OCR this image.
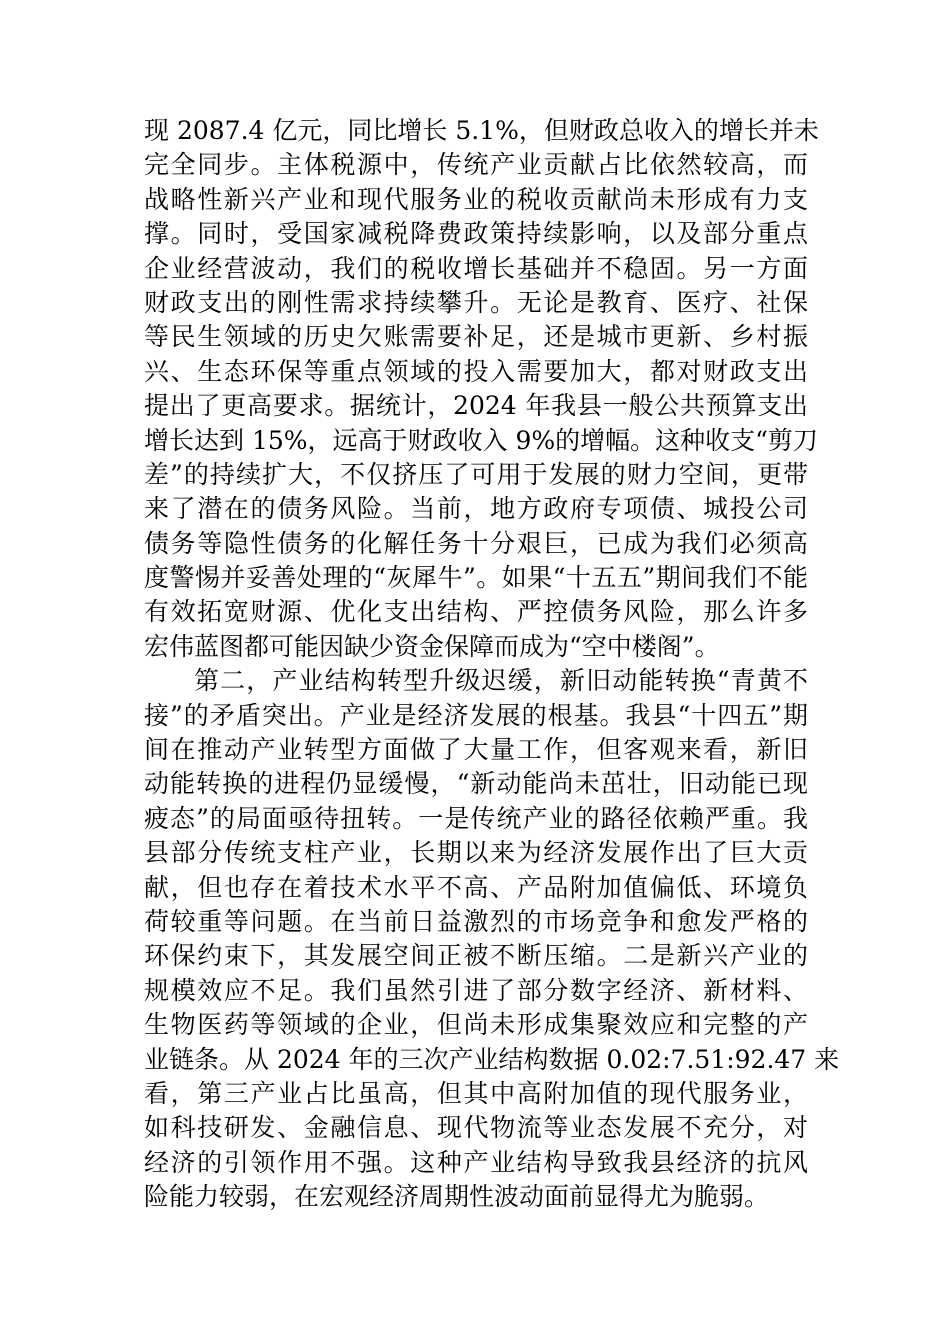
现 2087.4 亿元，同比增长 5.1%，但财政总收入的增长并未
完全同步。主体税源中，传统产业贡献占比依然较高，而
战略性新兴产业和现代服务业的税收贡献尚未形成有力支
撑。同时，受国家减税降费政策持续影响，以及部分重点
企业经营波动，我们的税收增长基础并不稳固。另一方面
财政支出的刚性需求持续攀升。无论是教育、医疗、社保
等民生领域的历史欠账需要补足，还是城市更新、乡村振
兴、生态环保等重点领域的投入需要加大，都对财政支出
提出了更高要求。据统计，2024 年我县一般公共预算支出
增长达到 15%，远高于财政收入 9%的增幅。这种收支“剪刀
差”的持续扩大，不仅挤压了可用于发展的财力空间，更带
来了潜在的债务风险。当前，地方政府专项债、城投公司
债务等隐性债务的化解任务十分艰巨，已成为我们必须高
度警惕并妥善处理的“灰犀牛”。如果“十五五”期间我们不能
有效拓宽财源、优化支出结构、严控债务风险，那么许多
宏伟蓝图都可能因缺少资金保障而成为“空中楼阁”。
第二，产业结构转型升级迟缓，新旧动能转换“青黄不
接”的矛盾突出。产业是经济发展的根基。我县“十四五”期
间在推动产业转型方面做了大量工作，但客观来看，新旧
动能转换的进程仍显缓慢，“新动能尚未茁壮，旧动能已现
疲态”的局面亟待扭转。一是传统产业的路径依赖严重。我
县部分传统支柱产业，长期以来为经济发展作出了巨大贡
献，但也存在着技术水平不高、产品附加值偏低、环境负
荷较重等问题。在当前日益激烈的市场竞争和愈发严格的
环保约束下，其发展空间正被不断压缩。二是新兴产业的
规模效应不足。我们虽然引进了部分数字经济、新材料、
生物医药等领域的企业，但尚未形成集聚效应和完整的产
业链条。从 2024 年的三次产业结构数据 0.02:7.51:92.47 来
看，第三产业占比虽高，但其中高附加值的现代服务业，
如科技研发、金融信息、现代物流等业态发展不充分，对
经济的引领作用不强。这种产业结构导致我县经济的抗风
险能力较弱，在宏观经济周期性波动面前显得尤为脆弱。
